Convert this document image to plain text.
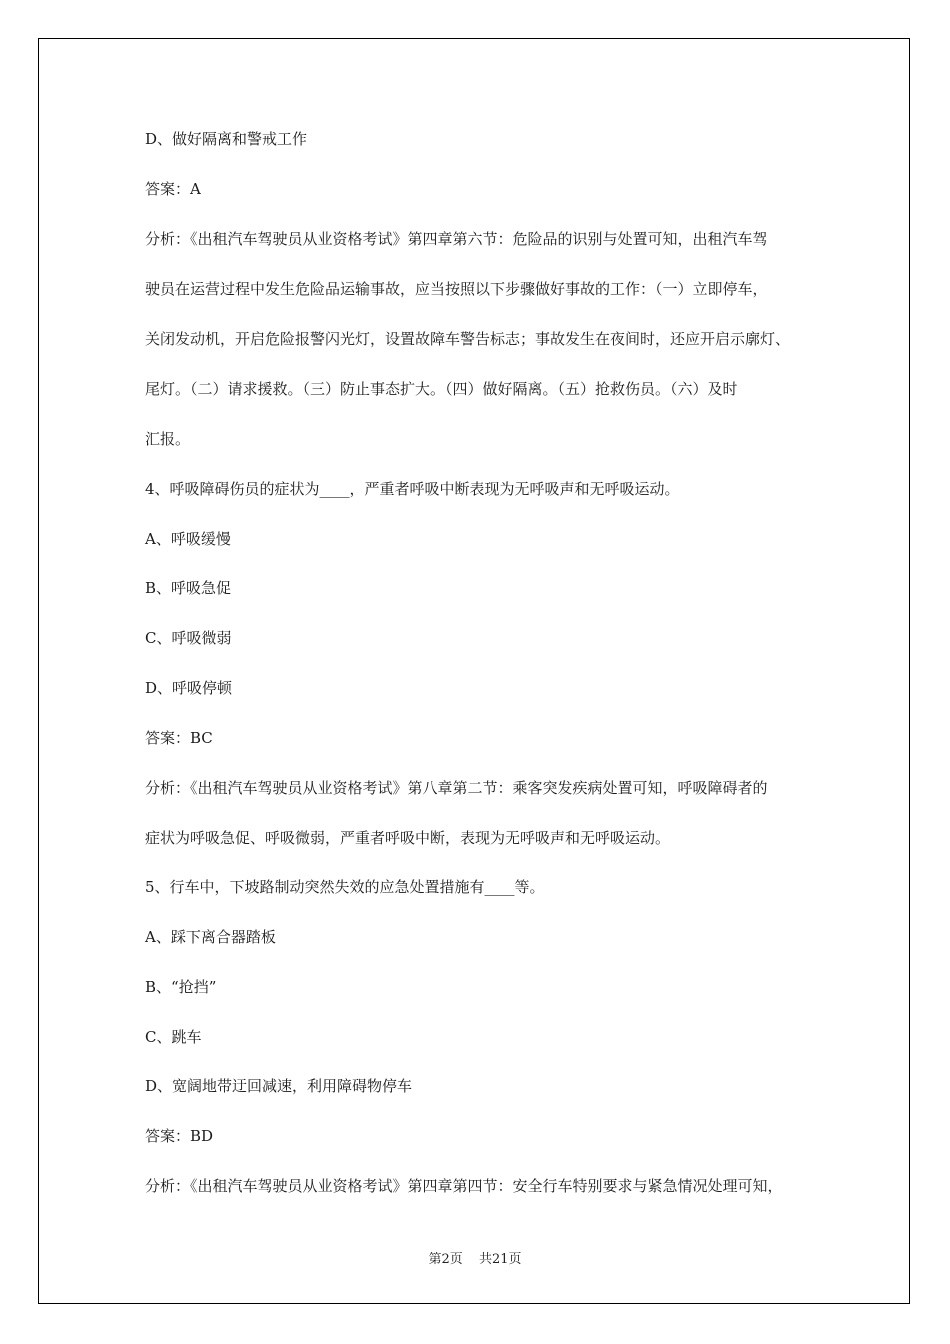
D、做好隔离和警戒工作
答案：A
分析：《出租汽车驾驶员从业资格考试》第四章第六节：危险品的识别与处置可知，出租汽车驾
驶员在运营过程中发生危险品运输事故，应当按照以下步骤做好事故的工作：（一）立即停车，
关闭发动机，开启危险报警闪光灯，设置故障车警告标志；事故发生在夜间时，还应开启示廓灯、
尾灯。（二）请求援救。（三）防止事态扩大。（四）做好隔离。（五）抢救伤员。（六）及时
汇报。
4、呼吸障碍伤员的症状为____，严重者呼吸中断表现为无呼吸声和无呼吸运动。
A、呼吸缓慢
B、呼吸急促
C、呼吸微弱
D、呼吸停顿
答案：BC
分析：《出租汽车驾驶员从业资格考试》第八章第二节：乘客突发疾病处置可知，呼吸障碍者的
症状为呼吸急促、呼吸微弱，严重者呼吸中断，表现为无呼吸声和无呼吸运动。
5、行车中，下坡路制动突然失效的应急处置措施有____等。
A、踩下离合器踏板
B、“抢挡”
C、跳车
D、宽阔地带迂回减速，利用障碍物停车
答案：BD
分析：《出租汽车驾驶员从业资格考试》第四章第四节：安全行车特别要求与紧急情况处理可知，
第2页 共21页
